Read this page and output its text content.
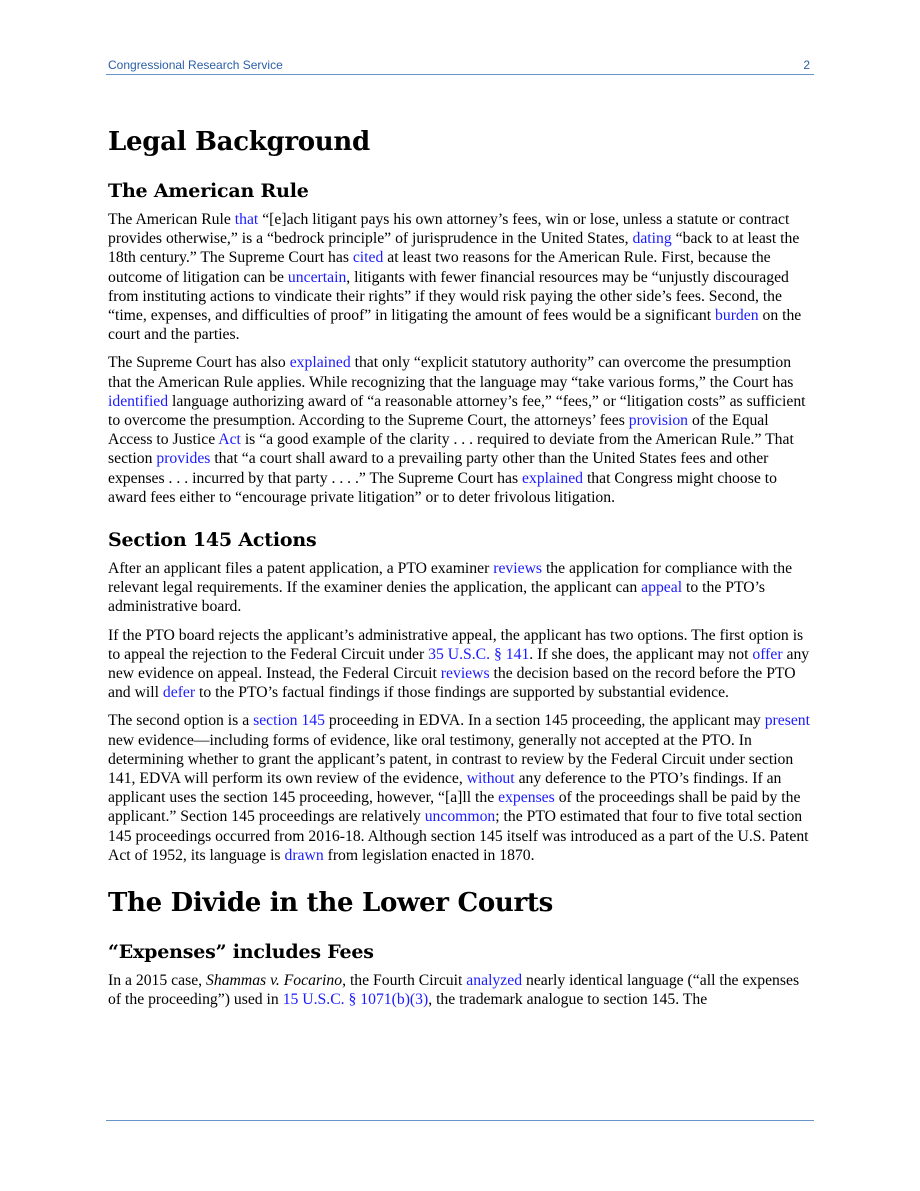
Congressional Research Service	2
Legal Background
The American Rule

The American Rule that “[e]ach litigant pays his own attorney’s fees, win or lose, unless a statute or contract provides otherwise,” is a “bedrock principle” of jurisprudence in the United States, dating “back to at least the 18th century.” The Supreme Court has cited at least two reasons for the American Rule. First, because the outcome of litigation can be uncertain, litigants with fewer financial resources may be “unjustly discouraged from instituting actions to vindicate their rights” if they would risk paying the other side’s fees. Second, the “time, expenses, and difficulties of proof” in litigating the amount of fees would be a significant burden on the court and the parties.

The Supreme Court has also explained that only “explicit statutory authority” can overcome the presumption that the American Rule applies. While recognizing that the language may “take various forms,” the Court has identified language authorizing award of “a reasonable attorney’s fee,” “fees,” or “litigation costs” as sufficient to overcome the presumption. According to the Supreme Court, the attorneys’ fees provision of the Equal Access to Justice Act is “a good example of the clarity . . . required to deviate from the American Rule.” That section provides that “a court shall award to a prevailing party other than the United States fees and other expenses . . . incurred by that party . . . .” The Supreme Court has explained that Congress might choose to award fees either to “encourage private litigation” or to deter frivolous litigation.

Section 145 Actions

After an applicant files a patent application, a PTO examiner reviews the application for compliance with the relevant legal requirements. If the examiner denies the application, the applicant can appeal to the PTO’s administrative board.

If the PTO board rejects the applicant’s administrative appeal, the applicant has two options. The first option is to appeal the rejection to the Federal Circuit under 35 U.S.C. § 141. If she does, the applicant may not offer any new evidence on appeal. Instead, the Federal Circuit reviews the decision based on the record before the PTO and will defer to the PTO’s factual findings if those findings are supported by substantial evidence.

The second option is a section 145 proceeding in EDVA. In a section 145 proceeding, the applicant may present new evidence—including forms of evidence, like oral testimony, generally not accepted at the PTO. In determining whether to grant the applicant’s patent, in contrast to review by the Federal Circuit under section 141, EDVA will perform its own review of the evidence, without any deference to the PTO’s findings. If an applicant uses the section 145 proceeding, however, “[a]ll the expenses of the proceedings shall be paid by the applicant.” Section 145 proceedings are relatively uncommon; the PTO estimated that four to five total section 145 proceedings occurred from 2016-18. Although section 145 itself was introduced as a part of the U.S. Patent Act of 1952, its language is drawn from legislation enacted in 1870.

The Divide in the Lower Courts
“Expenses” includes Fees

In a 2015 case, Shammas v. Focarino, the Fourth Circuit analyzed nearly identical language (“all the expenses of the proceeding”) used in 15 U.S.C. § 1071(b)(3), the trademark analogue to section 145. The
